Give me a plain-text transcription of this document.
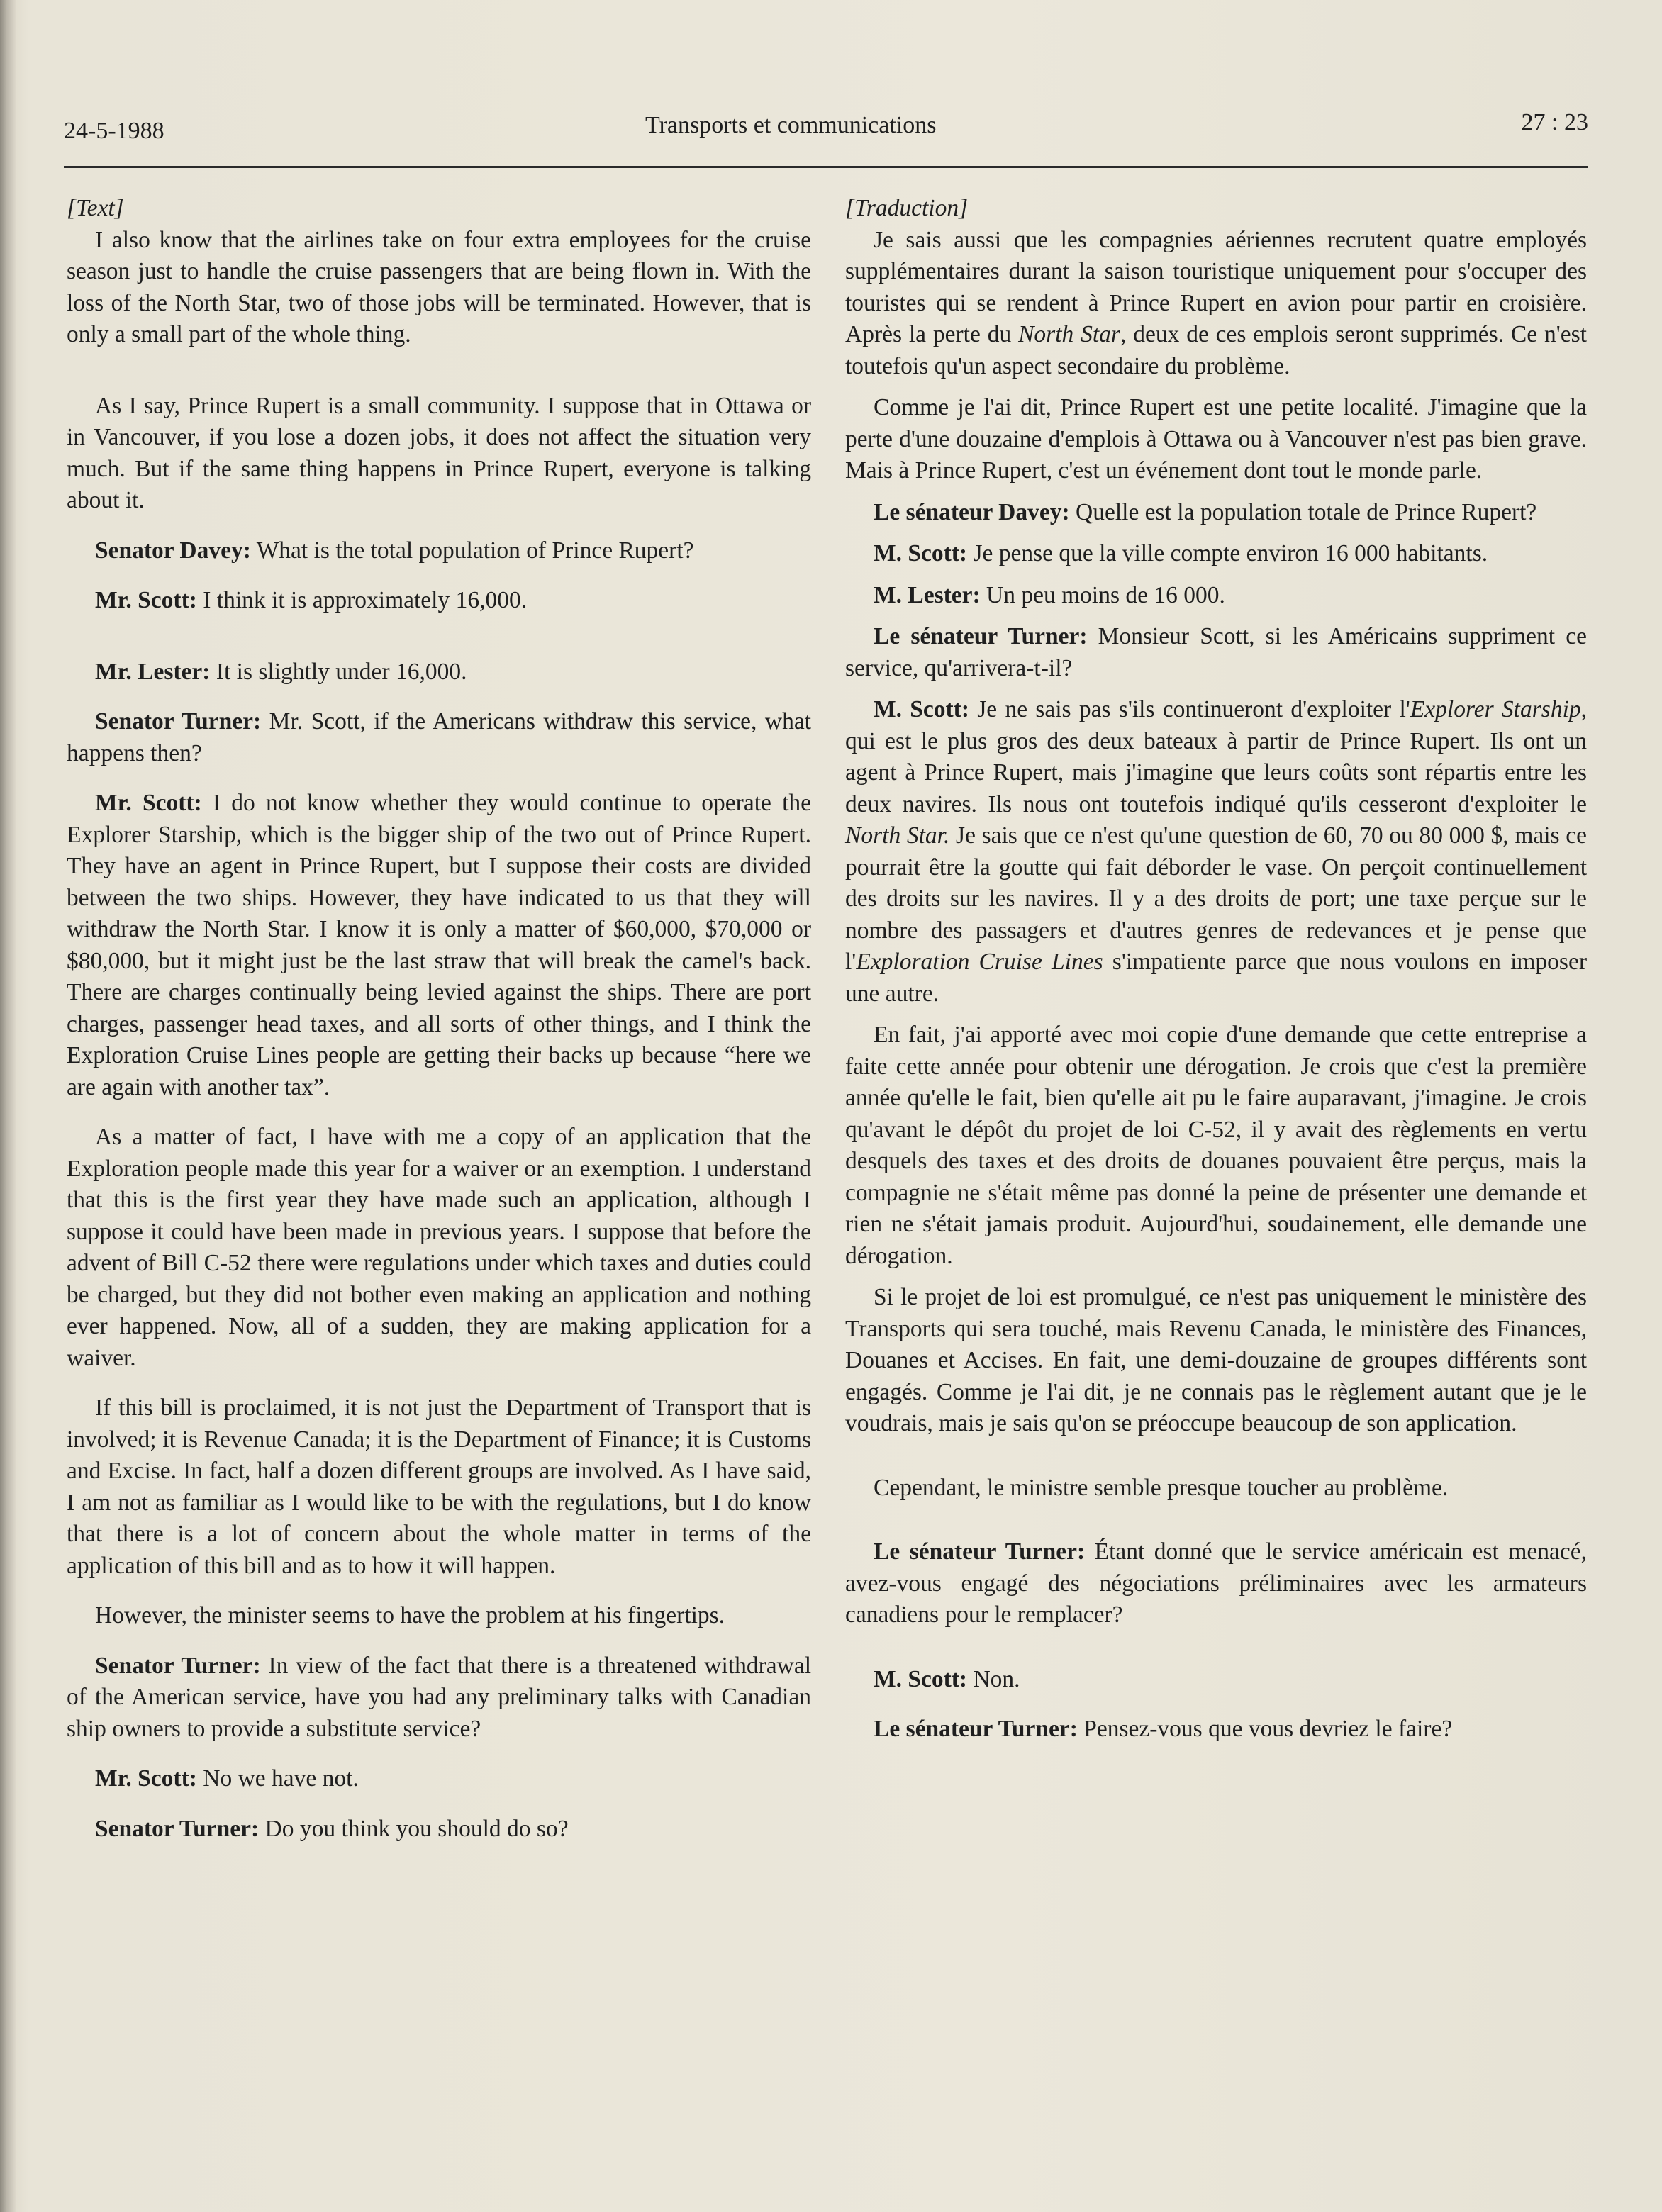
24-5-1988	Transports et communications	27 : 23

[Text]

I also know that the airlines take on four extra employees for the cruise season just to handle the cruise passengers that are being flown in. With the loss of the North Star, two of those jobs will be terminated. However, that is only a small part of the whole thing.

As I say, Prince Rupert is a small community. I suppose that in Ottawa or in Vancouver, if you lose a dozen jobs, it does not affect the situation very much. But if the same thing happens in Prince Rupert, everyone is talking about it.

Senator Davey: What is the total population of Prince Rupert?

Mr. Scott: I think it is approximately 16,000.

Mr. Lester: It is slightly under 16,000.

Senator Turner: Mr. Scott, if the Americans withdraw this service, what happens then?

Mr. Scott: I do not know whether they would continue to operate the Explorer Starship, which is the bigger ship of the two out of Prince Rupert. They have an agent in Prince Rupert, but I suppose their costs are divided between the two ships. However, they have indicated to us that they will withdraw the North Star. I know it is only a matter of $60,000, $70,000 or $80,000, but it might just be the last straw that will break the camel's back. There are charges continually being levied against the ships. There are port charges, passenger head taxes, and all sorts of other things, and I think the Exploration Cruise Lines people are getting their backs up because “here we are again with another tax”.

As a matter of fact, I have with me a copy of an application that the Exploration people made this year for a waiver or an exemption. I understand that this is the first year they have made such an application, although I suppose it could have been made in previous years. I suppose that before the advent of Bill C-52 there were regulations under which taxes and duties could be charged, but they did not bother even making an application and nothing ever happened. Now, all of a sudden, they are making application for a waiver.

If this bill is proclaimed, it is not just the Department of Transport that is involved; it is Revenue Canada; it is the Department of Finance; it is Customs and Excise. In fact, half a dozen different groups are involved. As I have said, I am not as familiar as I would like to be with the regulations, but I do know that there is a lot of concern about the whole matter in terms of the application of this bill and as to how it will happen.

However, the minister seems to have the problem at his fingertips.

Senator Turner: In view of the fact that there is a threatened withdrawal of the American service, have you had any preliminary talks with Canadian ship owners to provide a substitute service?

Mr. Scott: No we have not.

Senator Turner: Do you think you should do so?

[Traduction]

Je sais aussi que les compagnies aériennes recrutent quatre employés supplémentaires durant la saison touristique uniquement pour s'occuper des touristes qui se rendent à Prince Rupert en avion pour partir en croisière. Après la perte du North Star, deux de ces emplois seront supprimés. Ce n'est toutefois qu'un aspect secondaire du problème.

Comme je l'ai dit, Prince Rupert est une petite localité. J'imagine que la perte d'une douzaine d'emplois à Ottawa ou à Vancouver n'est pas bien grave. Mais à Prince Rupert, c'est un événement dont tout le monde parle.

Le sénateur Davey: Quelle est la population totale de Prince Rupert?

M. Scott: Je pense que la ville compte environ 16 000 habitants.

M. Lester: Un peu moins de 16 000.

Le sénateur Turner: Monsieur Scott, si les Américains suppriment ce service, qu'arrivera-t-il?

M. Scott: Je ne sais pas s'ils continueront d'exploiter l'Explorer Starship, qui est le plus gros des deux bateaux à partir de Prince Rupert. Ils ont un agent à Prince Rupert, mais j'imagine que leurs coûts sont répartis entre les deux navires. Ils nous ont toutefois indiqué qu'ils cesseront d'exploiter le North Star. Je sais que ce n'est qu'une question de 60, 70 ou 80 000 $, mais ce pourrait être la goutte qui fait déborder le vase. On perçoit continuellement des droits sur les navires. Il y a des droits de port; une taxe perçue sur le nombre des passagers et d'autres genres de redevances et je pense que l'Exploration Cruise Lines s'impatiente parce que nous voulons en imposer une autre.

En fait, j'ai apporté avec moi copie d'une demande que cette entreprise a faite cette année pour obtenir une dérogation. Je crois que c'est la première année qu'elle le fait, bien qu'elle ait pu le faire auparavant, j'imagine. Je crois qu'avant le dépôt du projet de loi C-52, il y avait des règlements en vertu desquels des taxes et des droits de douanes pouvaient être perçus, mais la compagnie ne s'était même pas donné la peine de présenter une demande et rien ne s'était jamais produit. Aujourd'hui, soudainement, elle demande une dérogation.

Si le projet de loi est promulgué, ce n'est pas uniquement le ministère des Transports qui sera touché, mais Revenu Canada, le ministère des Finances, Douanes et Accises. En fait, une demi-douzaine de groupes différents sont engagés. Comme je l'ai dit, je ne connais pas le règlement autant que je le voudrais, mais je sais qu'on se préoccupe beaucoup de son application.

Cependant, le ministre semble presque toucher au problème.

Le sénateur Turner: Étant donné que le service américain est menacé, avez-vous engagé des négociations préliminaires avec les armateurs canadiens pour le remplacer?

M. Scott: Non.

Le sénateur Turner: Pensez-vous que vous devriez le faire?
